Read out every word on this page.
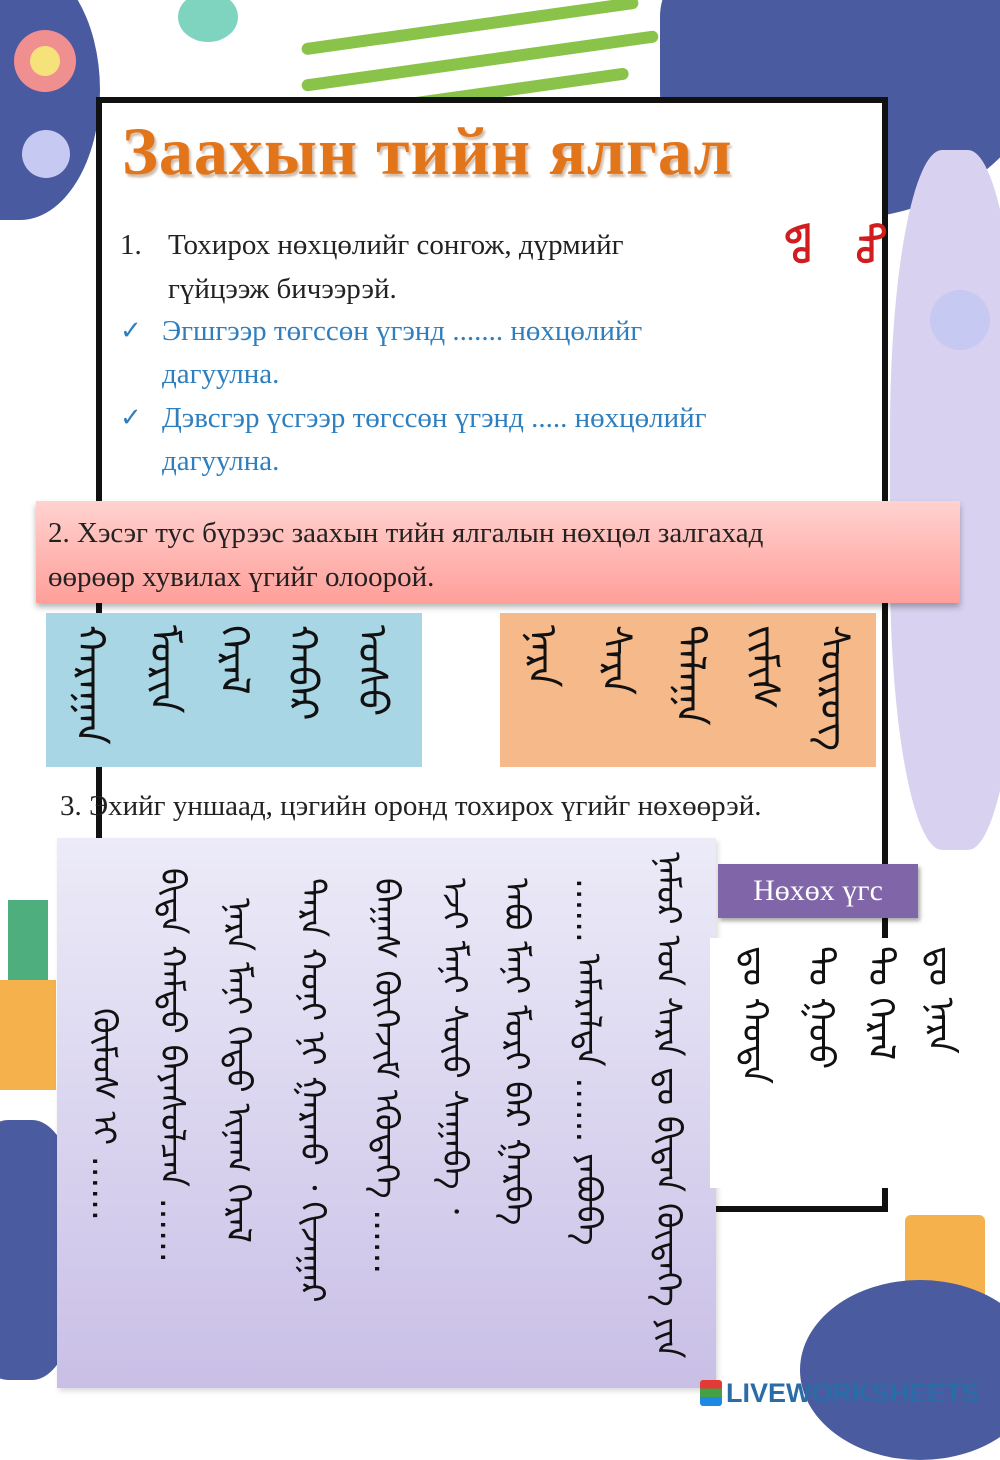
Заахын тийн ялгал
1. Тохирох нөхцөлийг сонгож, дүрмийг
гүйцээж бичээрэй.
✓ Эгшгээр төгссөн үгэнд ....... нөхцөлийг
дагуулна.
✓ Дэвсгэр үсгээр төгссөн үгэнд ..... нөхцөлийг
дагуулна.
ᠳᠤ ᠲᠤ
2. Хэсэг тус бүрээс заахын тийн ялгалын нөхцөл залгахад
өөрөөр хувилах үгийг олоорой.
ᠬᠠᠷᠠᠭᠠᠨ ᠮᠣᠷᠢᠨ ᠭᠡᠷᠡᠯ ᠬᠠᠪᠠᠷ ᠤᠰᠤ	ᠨᠠᠷᠠ ᠰᠠᠷᠠ ᠲᠠᠯᠠᠭᠠ ᠵᠢᠮᠢᠰ ᠰᠦᠷᠦᠭ
3. Эхийг уншаад, цэгийн оронд тохирох үгийг нөхөөрэй.
ᠨᠠᠮᠤᠷ ᠤᠨ ᠰᠠᠷᠠ ᠳᠤ ᠪᠢᠳᠡᠨ ᠬᠥᠳᠡᠭᠡ ᠶᠢᠨ
...... ᠠᠮᠠᠷᠠᠯᠲᠠ ...... ᠶᠠᠪᠤᠪᠠ
ᠠᠪᠤ ᠮᠠᠨᠢ ᠮᠣᠷᠢ ᠪᠡᠷ ᠭᠠᠷᠪᠠ
ᠡᠵᠢ ᠮᠠᠨᠢ ᠰᠦᠦ ᠰᠠᠭᠠᠪᠠ ᠂
ᠪᠠᠭᠠᠰ ᠬᠥᠭᠡᠵᠢᠮ ᠡᠭᠦᠳᠡᠭᠡ ......
ᠲᠡᠷᠡ ᠬᠣᠨᠢ ᠨᠢ ᠭᠠᠷᠬᠤ ᠂ ᠬᠢᠵᠠᠭᠠᠷ
ᠨᠠᠷᠠ ᠮᠠᠨᠢ ᠬᠡᠳᠦ ᠢᠨᠠᠭ ᠭᠡᠷᠡᠯ
ᠪᠢᠳᠡ ᠬᠠᠮᠲᠤ ᠪᠠᠶᠠᠰᠤᠯᠴᠠᠨ ......
ᠬᠦᠮᠦᠰ ᠢ ......
Нөхөх үгс
ᠳᠤ ᠬᠣᠳᠠ ᠲᠤ ᠭᠣᠣ ᠲᠤ ᠭᠡᠷᠡᠯ ᠳᠤ ᠨᠠᠷᠠ
LIVEWORKSHEETS
